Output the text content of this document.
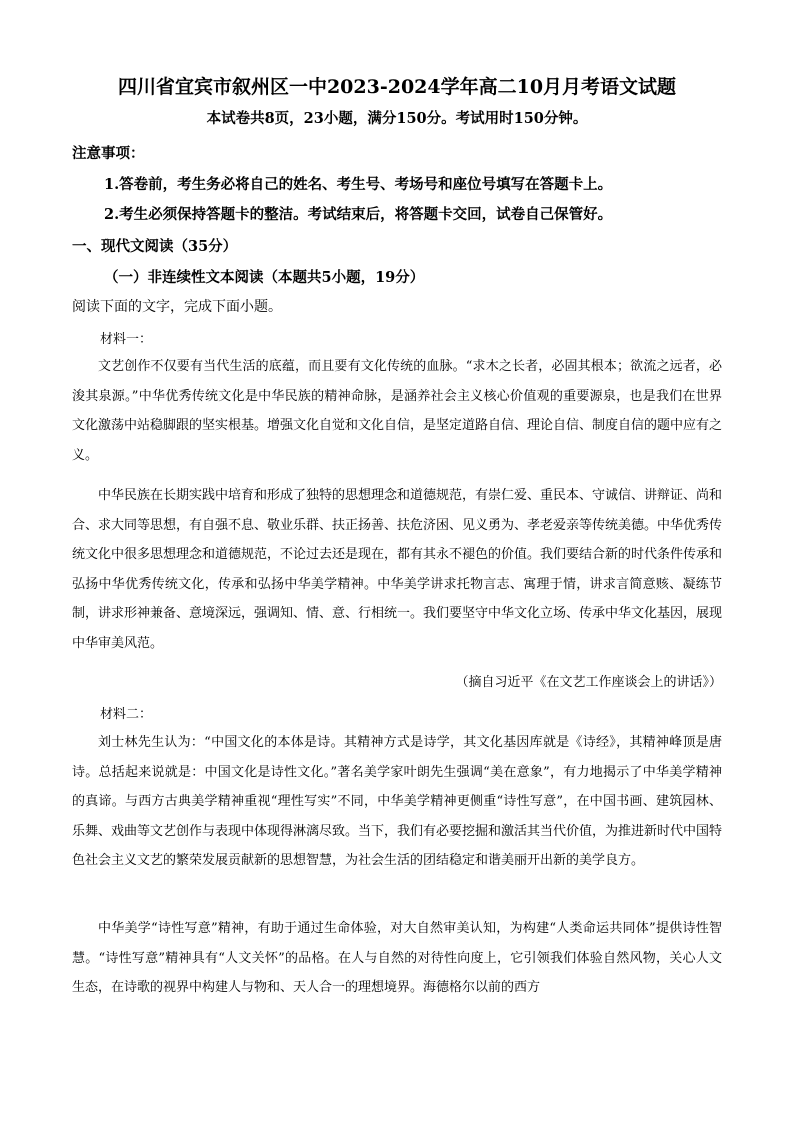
四川省宜宾市叙州区一中2023-2024学年高二10月月考语文试题
本试卷共8页，23小题，满分150分。考试用时150分钟。
注意事项：
1.答卷前，考生务必将自己的姓名、考生号、考场号和座位号填写在答题卡上。
2.考生必须保持答题卡的整洁。考试结束后，将答题卡交回，试卷自己保管好。
一、现代文阅读（35分）
（一）非连续性文本阅读（本题共5小题，19分）
阅读下面的文字，完成下面小题。
材料一：

文艺创作不仅要有当代生活的底蕴，而且要有文化传统的血脉。“求木之长者，必固其根本；欲流之远者，必浚其泉源。”中华优秀传统文化是中华民族的精神命脉，是涵养社会主义核心价值观的重要源泉，也是我们在世界文化激荡中站稳脚跟的坚实根基。增强文化自觉和文化自信，是坚定道路自信、理论自信、制度自信的题中应有之义。

中华民族在长期实践中培育和形成了独特的思想理念和道德规范，有崇仁爱、重民本、守诚信、讲辩证、尚和合、求大同等思想，有自强不息、敬业乐群、扶正扬善、扶危济困、见义勇为、孝老爱亲等传统美德。中华优秀传统文化中很多思想理念和道德规范，不论过去还是现在，都有其永不褪色的价值。我们要结合新的时代条件传承和弘扬中华优秀传统文化，传承和弘扬中华美学精神。中华美学讲求托物言志、寓理于情，讲求言简意赅、凝练节制，讲求形神兼备、意境深远，强调知、情、意、行相统一。我们要坚守中华文化立场、传承中华文化基因，展现中华审美风范。

（摘自习近平《在文艺工作座谈会上的讲话》）
材料二：

刘士林先生认为：“中国文化的本体是诗。其精神方式是诗学，其文化基因库就是《诗经》，其精神峰顶是唐诗。总括起来说就是：中国文化是诗性文化。”著名美学家叶朗先生强调“美在意象”，有力地揭示了中华美学精神的真谛。与西方古典美学精神重视“理性写实”不同，中华美学精神更侧重“诗性写意”，在中国书画、建筑园林、乐舞、戏曲等文艺创作与表现中体现得淋漓尽致。当下，我们有必要挖掘和激活其当代价值，为推进新时代中国特色社会主义文艺的繁荣发展贡献新的思想智慧，为社会生活的团结稳定和谐美丽开出新的美学良方。

中华美学“诗性写意”精神，有助于通过生命体验，对大自然审美认知，为构建“人类命运共同体”提供诗性智慧。“诗性写意”精神具有“人文关怀”的品格。在人与自然的对待性向度上，它引领我们体验自然风物，关心人文生态，在诗歌的视界中构建人与物和、天人合一的理想境界。海德格尔以前的西方
